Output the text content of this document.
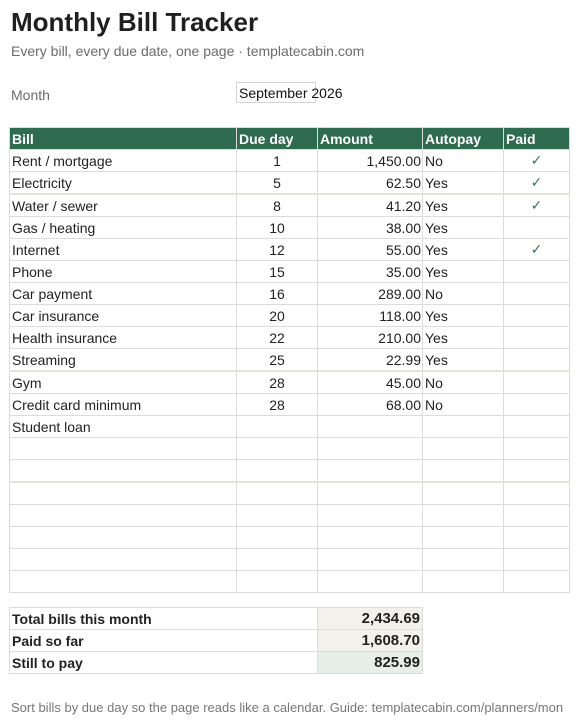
Monthly Bill Tracker
Every bill, every due date, one page · templatecabin.com
Month	September 2026
Bill	Due day	Amount	Autopay	Paid
Rent / mortgage	1	1,450.00	No	✓
Electricity	5	62.50	Yes	✓
Water / sewer	8	41.20	Yes	✓
Gas / heating	10	38.00	Yes	
Internet	12	55.00	Yes	✓
Phone	15	35.00	Yes	
Car payment	16	289.00	No	
Car insurance	20	118.00	Yes	
Health insurance	22	210.00	Yes	
Streaming	25	22.99	Yes	
Gym	28	45.00	No	
Credit card minimum	28	68.00	No	
Student loan				

Total bills this month	2,434.69
Paid so far	1,608.70
Still to pay	825.99
Sort bills by due day so the page reads like a calendar. Guide: templatecabin.com/planners/mon
